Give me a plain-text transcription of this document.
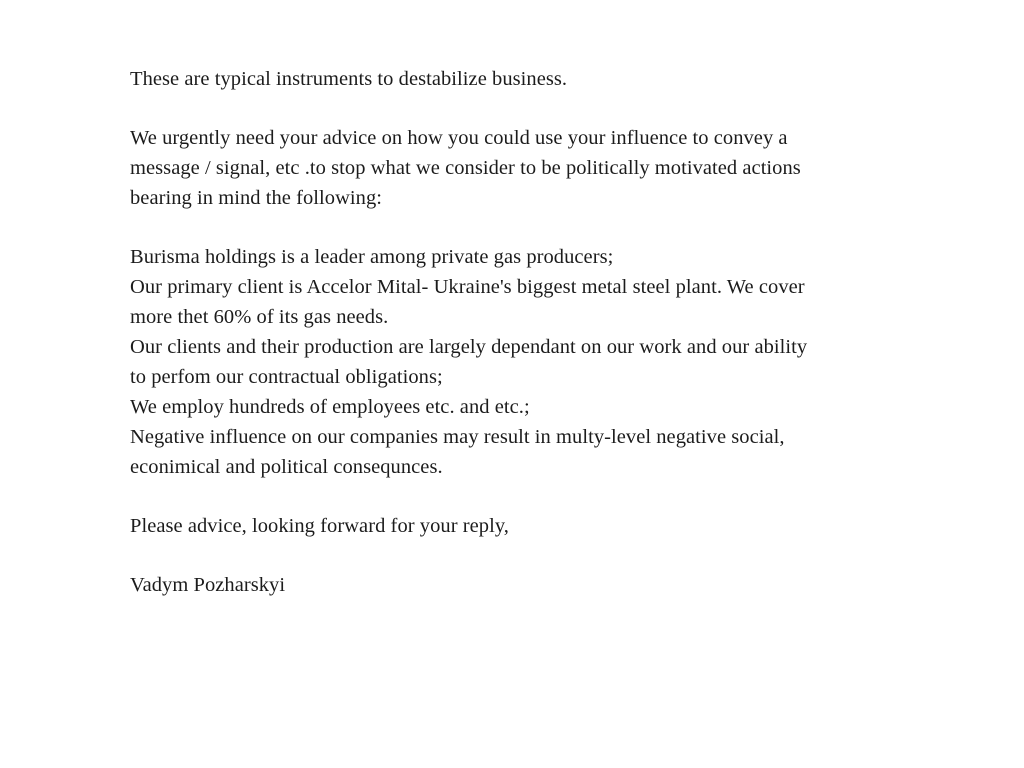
These are typical instruments to destabilize business.
We urgently need your advice on how you could use your influence to convey a
message / signal, etc .to stop what we consider to be politically motivated actions
bearing in mind the following:
Burisma holdings is a leader among private gas producers;
Our primary client is Accelor Mital- Ukraine's biggest metal steel plant. We cover
more thet 60% of its gas needs.
Our clients and their production are largely dependant on our work and our ability
to perfom our contractual obligations;
We employ hundreds of employees etc. and etc.;
Negative influence on our companies may result in multy-level negative social,
econimical and political consequnces.
Please advice, looking forward for your reply,
Vadym Pozharskyi
